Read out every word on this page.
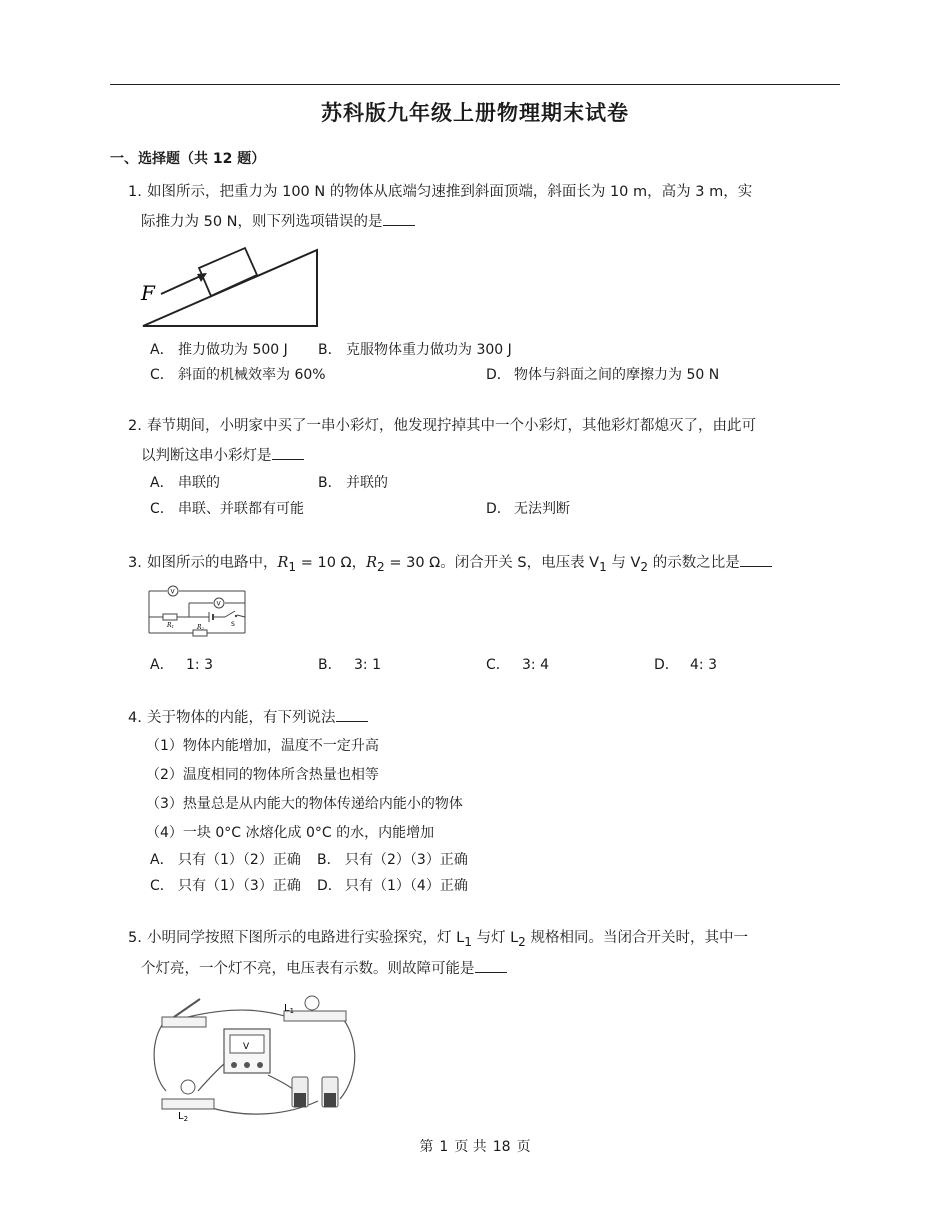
苏科版九年级上册物理期末试卷
一、选择题（共 12 题）
1. 如图所示，把重力为 100 N 的物体从底端匀速推到斜面顶端，斜面长为 10 m，高为 3 m，实
际推力为 50 N，则下列选项错误的是
F
A． 推力做功为 500 J B． 克服物体重力做功为 300 J
C． 斜面的机械效率为 60%	D． 物体与斜面之间的摩擦力为 50 N
2. 春节期间，小明家中买了一串小彩灯，他发现拧掉其中一个小彩灯，其他彩灯都熄灭了，由此可
以判断这串小彩灯是
A． 串联的	B． 并联的
C． 串联、并联都有可能	D． 无法判断
3. 如图所示的电路中，$R_1 = 10$ Ω，$R_2 = 30$ Ω。闭合开关 S，电压表 $V_1$ 与 $V_2$ 的示数之比是
V
V
R1	R2
S
A． 1: 3	B． 3: 1	C． 3: 4	D． 4: 3
4. 关于物体的内能，有下列说法
（1）物体内能增加，温度不一定升高
（2）温度相同的物体所含热量也相等
（3）热量总是从内能大的物体传递给内能小的物体
（4）一块 0°C 冰熔化成 0°C 的水，内能增加
A． 只有（1）（2）正确 B． 只有（2）（3）正确
C． 只有（1）（3）正确 D． 只有（1）（4）正确
5. 小明同学按照下图所示的电路进行实验探究，灯 $L_1$ 与灯 $L_2$ 规格相同。当闭合开关时，其中一
个灯亮，一个灯不亮，电压表有示数。则故障可能是
$L_1$
V
$L_2$
第 1 页 共 18 页
